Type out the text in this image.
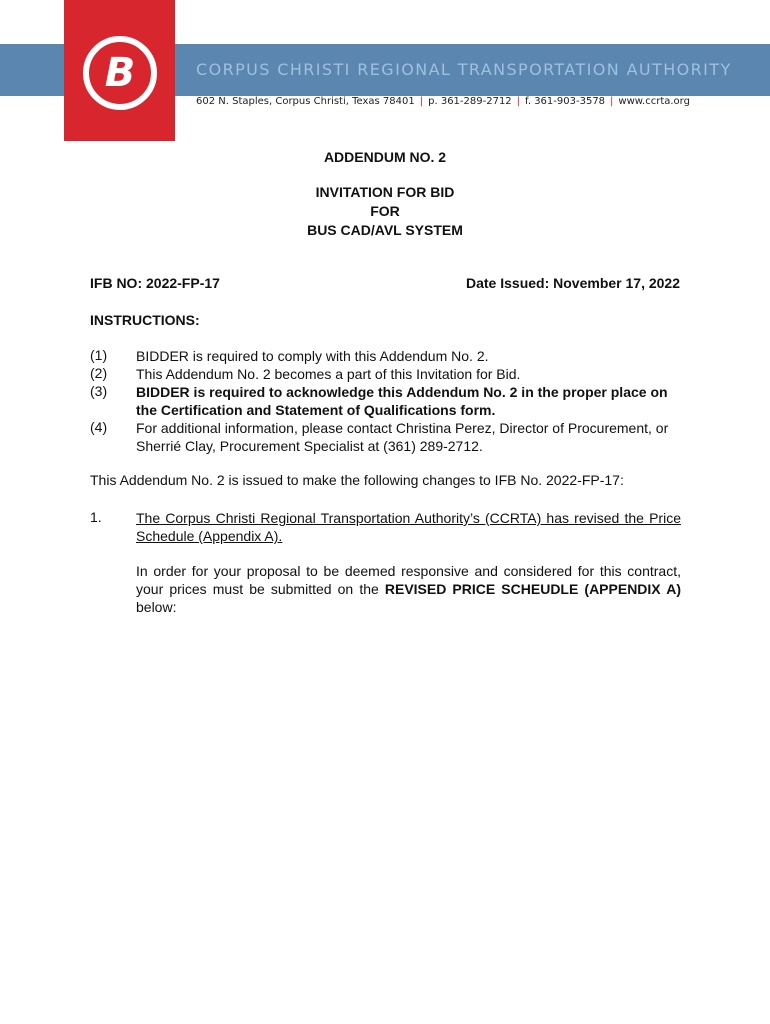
CORPUS CHRISTI REGIONAL TRANSPORTATION AUTHORITY
B
602 N. Staples, Corpus Christi, Texas 78401 | p. 361-289-2712 | f. 361-903-3578 | www.ccrta.org
ADDENDUM NO. 2
INVITATION FOR BID
FOR
BUS CAD/AVL SYSTEM
IFB NO: 2022-FP-17	Date Issued: November 17, 2022
INSTRUCTIONS:
(1) BIDDER is required to comply with this Addendum No. 2.
(2) This Addendum No. 2 becomes a part of this Invitation for Bid.
(3) BIDDER is required to acknowledge this Addendum No. 2 in the proper place on the Certification and Statement of Qualifications form.
(4) For additional information, please contact Christina Perez, Director of Procurement, or Sherrié Clay, Procurement Specialist at (361) 289-2712.
This Addendum No. 2 is issued to make the following changes to IFB No. 2022-FP-17:
1. The Corpus Christi Regional Transportation Authority’s (CCRTA) has revised the Price Schedule (Appendix A).
In order for your proposal to be deemed responsive and considered for this contract, your prices must be submitted on the REVISED PRICE SCHEUDLE (APPENDIX A) below:
